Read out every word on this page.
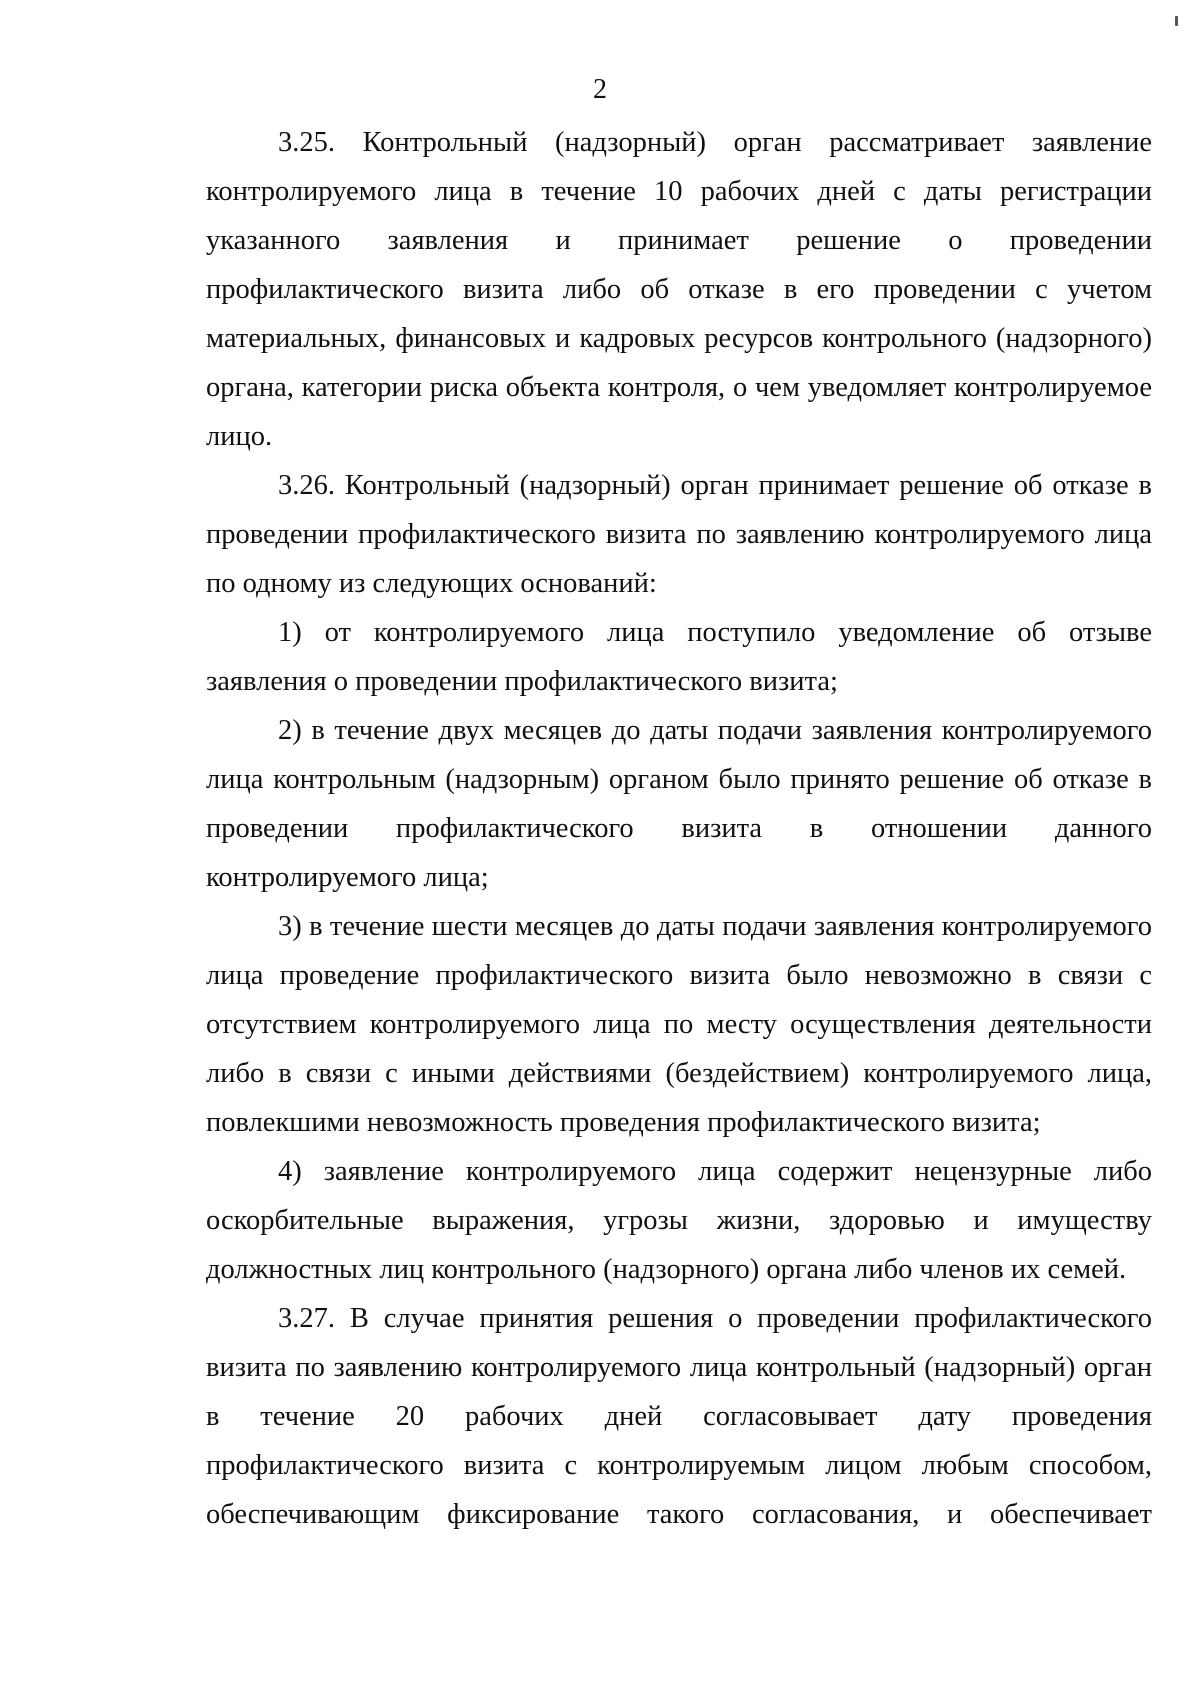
2

3.25. Контрольный (надзорный) орган рассматривает заявление
контролируемого лица в течение 10 рабочих дней с даты регистрации
указанного заявления и принимает решение о проведении
профилактического визита либо об отказе в его проведении с учетом
материальных, финансовых и кадровых ресурсов контрольного (надзорного)
органа, категории риска объекта контроля, о чем уведомляет контролируемое
лицо.

3.26. Контрольный (надзорный) орган принимает решение об отказе в
проведении профилактического визита по заявлению контролируемого лица
по одному из следующих оснований:

1) от контролируемого лица поступило уведомление об отзыве
заявления о проведении профилактического визита;

2) в течение двух месяцев до даты подачи заявления контролируемого
лица контрольным (надзорным) органом было принято решение об отказе в
проведении профилактического визита в отношении данного
контролируемого лица;

3) в течение шести месяцев до даты подачи заявления контролируемого
лица проведение профилактического визита было невозможно в связи с
отсутствием контролируемого лица по месту осуществления деятельности
либо в связи с иными действиями (бездействием) контролируемого лица,
повлекшими невозможность проведения профилактического визита;

4) заявление контролируемого лица содержит нецензурные либо
оскорбительные выражения, угрозы жизни, здоровью и имуществу
должностных лиц контрольного (надзорного) органа либо членов их семей.

3.27. В случае принятия решения о проведении профилактического
визита по заявлению контролируемого лица контрольный (надзорный) орган
в течение 20 рабочих дней согласовывает дату проведения
профилактического визита с контролируемым лицом любым способом,
обеспечивающим фиксирование такого согласования, и обеспечивает
